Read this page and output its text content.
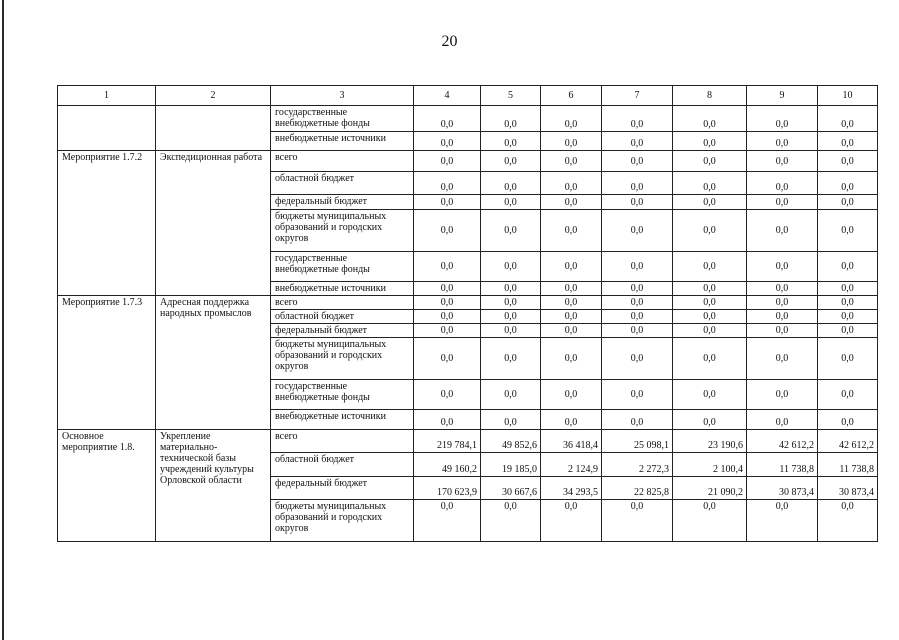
20
1	2	3	4	5	6	7	8	9	10
		государственные внебюджетные фонды	0,0	0,0	0,0	0,0	0,0	0,0	0,0
		внебюджетные источники	0,0	0,0	0,0	0,0	0,0	0,0	0,0
Мероприятие 1.7.2	Экспедиционная работа	всего	0,0	0,0	0,0	0,0	0,0	0,0	0,0
		областной бюджет	0,0	0,0	0,0	0,0	0,0	0,0	0,0
		федеральный бюджет	0,0	0,0	0,0	0,0	0,0	0,0	0,0
		бюджеты муниципальных образований и городских округов	0,0	0,0	0,0	0,0	0,0	0,0	0,0
		государственные внебюджетные фонды	0,0	0,0	0,0	0,0	0,0	0,0	0,0
		внебюджетные источники	0,0	0,0	0,0	0,0	0,0	0,0	0,0
Мероприятие 1.7.3	Адресная поддержка народных промыслов	всего	0,0	0,0	0,0	0,0	0,0	0,0	0,0
		областной бюджет	0,0	0,0	0,0	0,0	0,0	0,0	0,0
		федеральный бюджет	0,0	0,0	0,0	0,0	0,0	0,0	0,0
		бюджеты муниципальных образований и городских округов	0,0	0,0	0,0	0,0	0,0	0,0	0,0
		государственные внебюджетные фонды	0,0	0,0	0,0	0,0	0,0	0,0	0,0
		внебюджетные источники	0,0	0,0	0,0	0,0	0,0	0,0	0,0
Основное мероприятие 1.8.	Укрепление материально-технической базы учреждений культуры Орловской области	всего	219 784,1	49 852,6	36 418,4	25 098,1	23 190,6	42 612,2	42 612,2
		областной бюджет	49 160,2	19 185,0	2 124,9	2 272,3	2 100,4	11 738,8	11 738,8
		федеральный бюджет	170 623,9	30 667,6	34 293,5	22 825,8	21 090,2	30 873,4	30 873,4
		бюджеты муниципальных образований и городских округов	0,0	0,0	0,0	0,0	0,0	0,0	0,0
